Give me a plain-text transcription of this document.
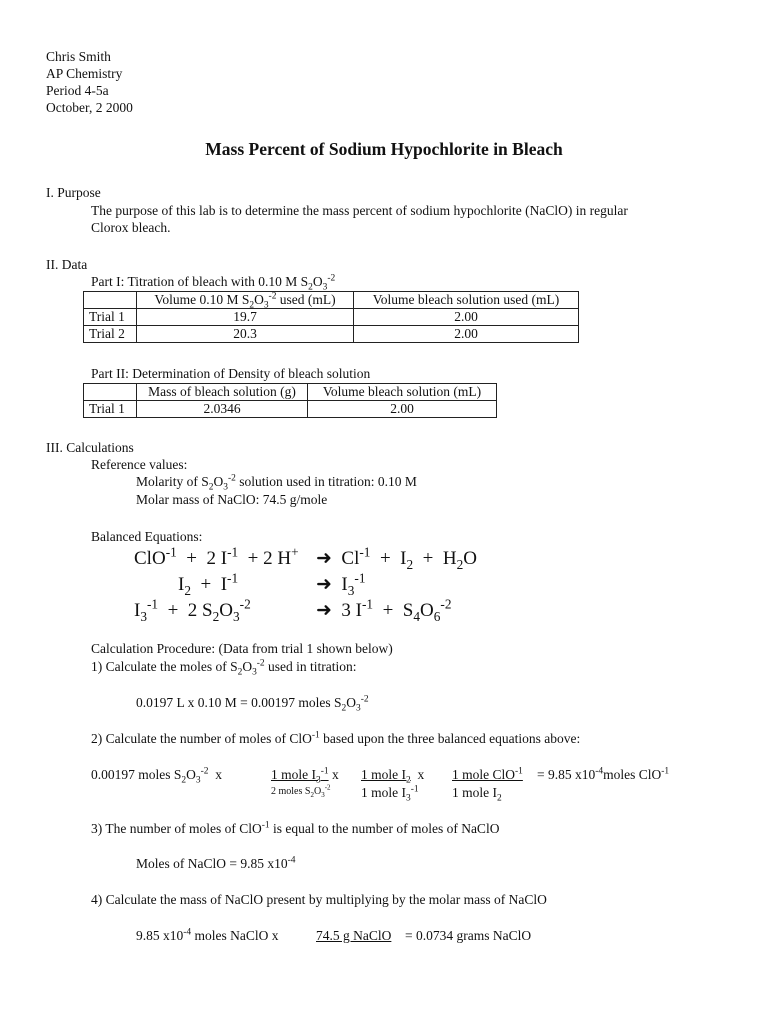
Chris Smith
AP Chemistry
Period 4-5a
October, 2 2000
Mass Percent of Sodium Hypochlorite in Bleach
I. Purpose
The purpose of this lab is to determine the mass percent of sodium hypochlorite (NaClO) in regular
Clorox bleach.
II. Data
Part I: Titration of bleach with 0.10 M $S_2O_3^{-2}$
	Volume 0.10 M $S_2O_3^{-2}$ used (mL)	Volume bleach solution used (mL)
Trial 1	19.7	2.00
Trial 2	20.3	2.00
Part II: Determination of Density of bleach solution
	Mass of bleach solution (g)	Volume bleach solution (mL)
Trial 1	2.0346	2.00
III. Calculations
Reference values:
Molarity of $S_2O_3^{-2}$ solution used in titration: 0.10 M
Molar mass of NaClO: 74.5 g/mole
Balanced Equations:
ClO$^{-1}$  +  2 $I^{-1} + 2$ H+ ➜  $Cl^{-1} + I_2 + H_2O$
$I_2 + I^{-1}$	➜  $I_3^{-1}$
$I_3^{-1} + 2$ $S_2O_3^{-2}$	➜  3 $I^{-1} + S_4O_6^{-2}$
Calculation Procedure: (Data from trial 1 shown below)
1) Calculate the moles of $S_2O_3^{-2}$ used in titration:
0.0197 L x 0.10 M = 0.00197 moles $S_2O_3^{-2}$
2) Calculate the number of moles of ClO$^{-1}$ based upon the three balanced equations above:
0.00197 moles $S_2O_3^{-2}$  x	1 mole $I_3^{-1}$ x
2 moles $S_2O_3^{-2}$
1 mole $I_2$  x
1 mole $I_3^{-1}$
1 mole ClO$^{-1}$
1 mole $I_2$
= 9.85 $x10^{-4}moles$ ClO$^{-1}$
3) The number of moles of ClO$^{-1}$ is equal to the number of moles of NaClO
Moles of NaClO = 9.85 $x10^{-4}$
4) Calculate the mass of NaClO present by multiplying by the molar mass of NaClO
9.85 $x10^{-4}$ moles NaClO x	74.5 g NaClO = 0.0734 grams NaClO
